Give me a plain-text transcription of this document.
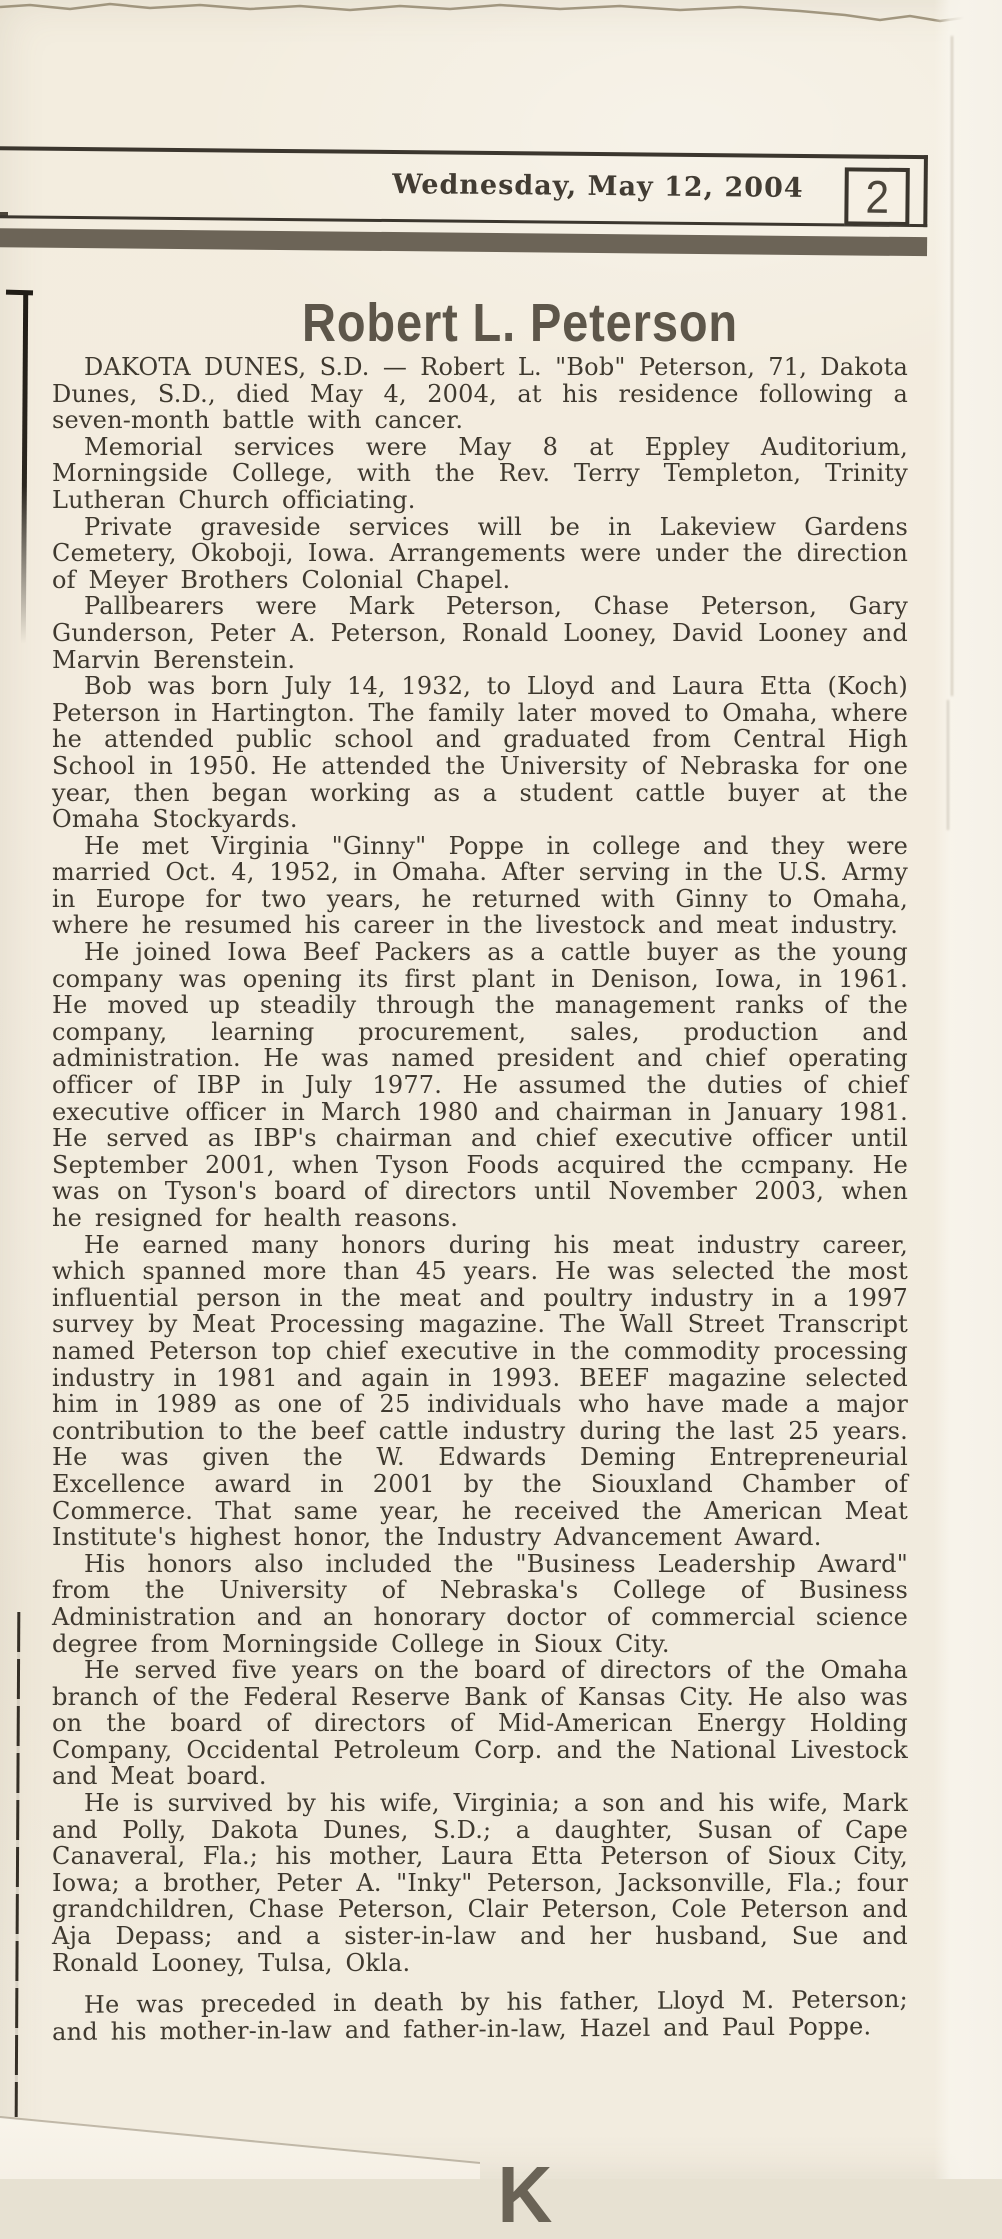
Wednesday, May 12, 2004 2
Robert L. Peterson

DAKOTA DUNES, S.D. — Robert L. "Bob" Peterson, 71, Dakota Dunes, S.D., died May 4, 2004, at his residence following a seven-month battle with cancer.

Memorial services were May 8 at Eppley Auditorium, Morningside College, with the Rev. Terry Templeton, Trinity Lutheran Church officiating.

Private graveside services will be in Lakeview Gardens Cemetery, Okoboji, Iowa. Arrangements were under the direction of Meyer Brothers Colonial Chapel.

Pallbearers were Mark Peterson, Chase Peterson, Gary Gunderson, Peter A. Peterson, Ronald Looney, David Looney and Marvin Berenstein.

Bob was born July 14, 1932, to Lloyd and Laura Etta (Koch) Peterson in Hartington. The family later moved to Omaha, where he attended public school and graduated from Central High School in 1950. He attended the University of Nebraska for one year, then began working as a student cattle buyer at the Omaha Stockyards.

He met Virginia "Ginny" Poppe in college and they were married Oct. 4, 1952, in Omaha. After serving in the U.S. Army in Europe for two years, he returned with Ginny to Omaha, where he resumed his career in the livestock and meat industry.

He joined Iowa Beef Packers as a cattle buyer as the young company was opening its first plant in Denison, Iowa, in 1961. He moved up steadily through the management ranks of the company, learning procurement, sales, production and administration. He was named president and chief operating officer of IBP in July 1977. He assumed the duties of chief executive officer in March 1980 and chairman in January 1981. He served as IBP's chairman and chief executive officer until September 2001, when Tyson Foods acquired the ccmpany. He was on Tyson's board of directors until November 2003, when he resigned for health reasons.

He earned many honors during his meat industry career, which spanned more than 45 years. He was selected the most influential person in the meat and poultry industry in a 1997 survey by Meat Processing magazine. The Wall Street Transcript named Peterson top chief executive in the commodity processing industry in 1981 and again in 1993. BEEF magazine selected him in 1989 as one of 25 individuals who have made a major contribution to the beef cattle industry during the last 25 years. He was given the W. Edwards Deming Entrepreneurial Excellence award in 2001 by the Siouxland Chamber of Commerce. That same year, he received the American Meat Institute's highest honor, the Industry Advancement Award.

His honors also included the "Business Leadership Award" from the University of Nebraska's College of Business Administration and an honorary doctor of commercial science degree from Morningside College in Sioux City.

He served five years on the board of directors of the Omaha branch of the Federal Reserve Bank of Kansas City. He also was on the board of directors of Mid-American Energy Holding Company, Occidental Petroleum Corp. and the National Livestock and Meat board.

He is survived by his wife, Virginia; a son and his wife, Mark and Polly, Dakota Dunes, S.D.; a daughter, Susan of Cape Canaveral, Fla.; his mother, Laura Etta Peterson of Sioux City, Iowa; a brother, Peter A. "Inky" Peterson, Jacksonville, Fla.; four grandchildren, Chase Peterson, Clair Peterson, Cole Peterson and Aja Depass; and a sister-in-law and her husband, Sue and Ronald Looney, Tulsa, Okla.

He was preceded in death by his father, Lloyd M. Peterson; and his mother-in-law and father-in-law, Hazel and Paul Poppe.

K
